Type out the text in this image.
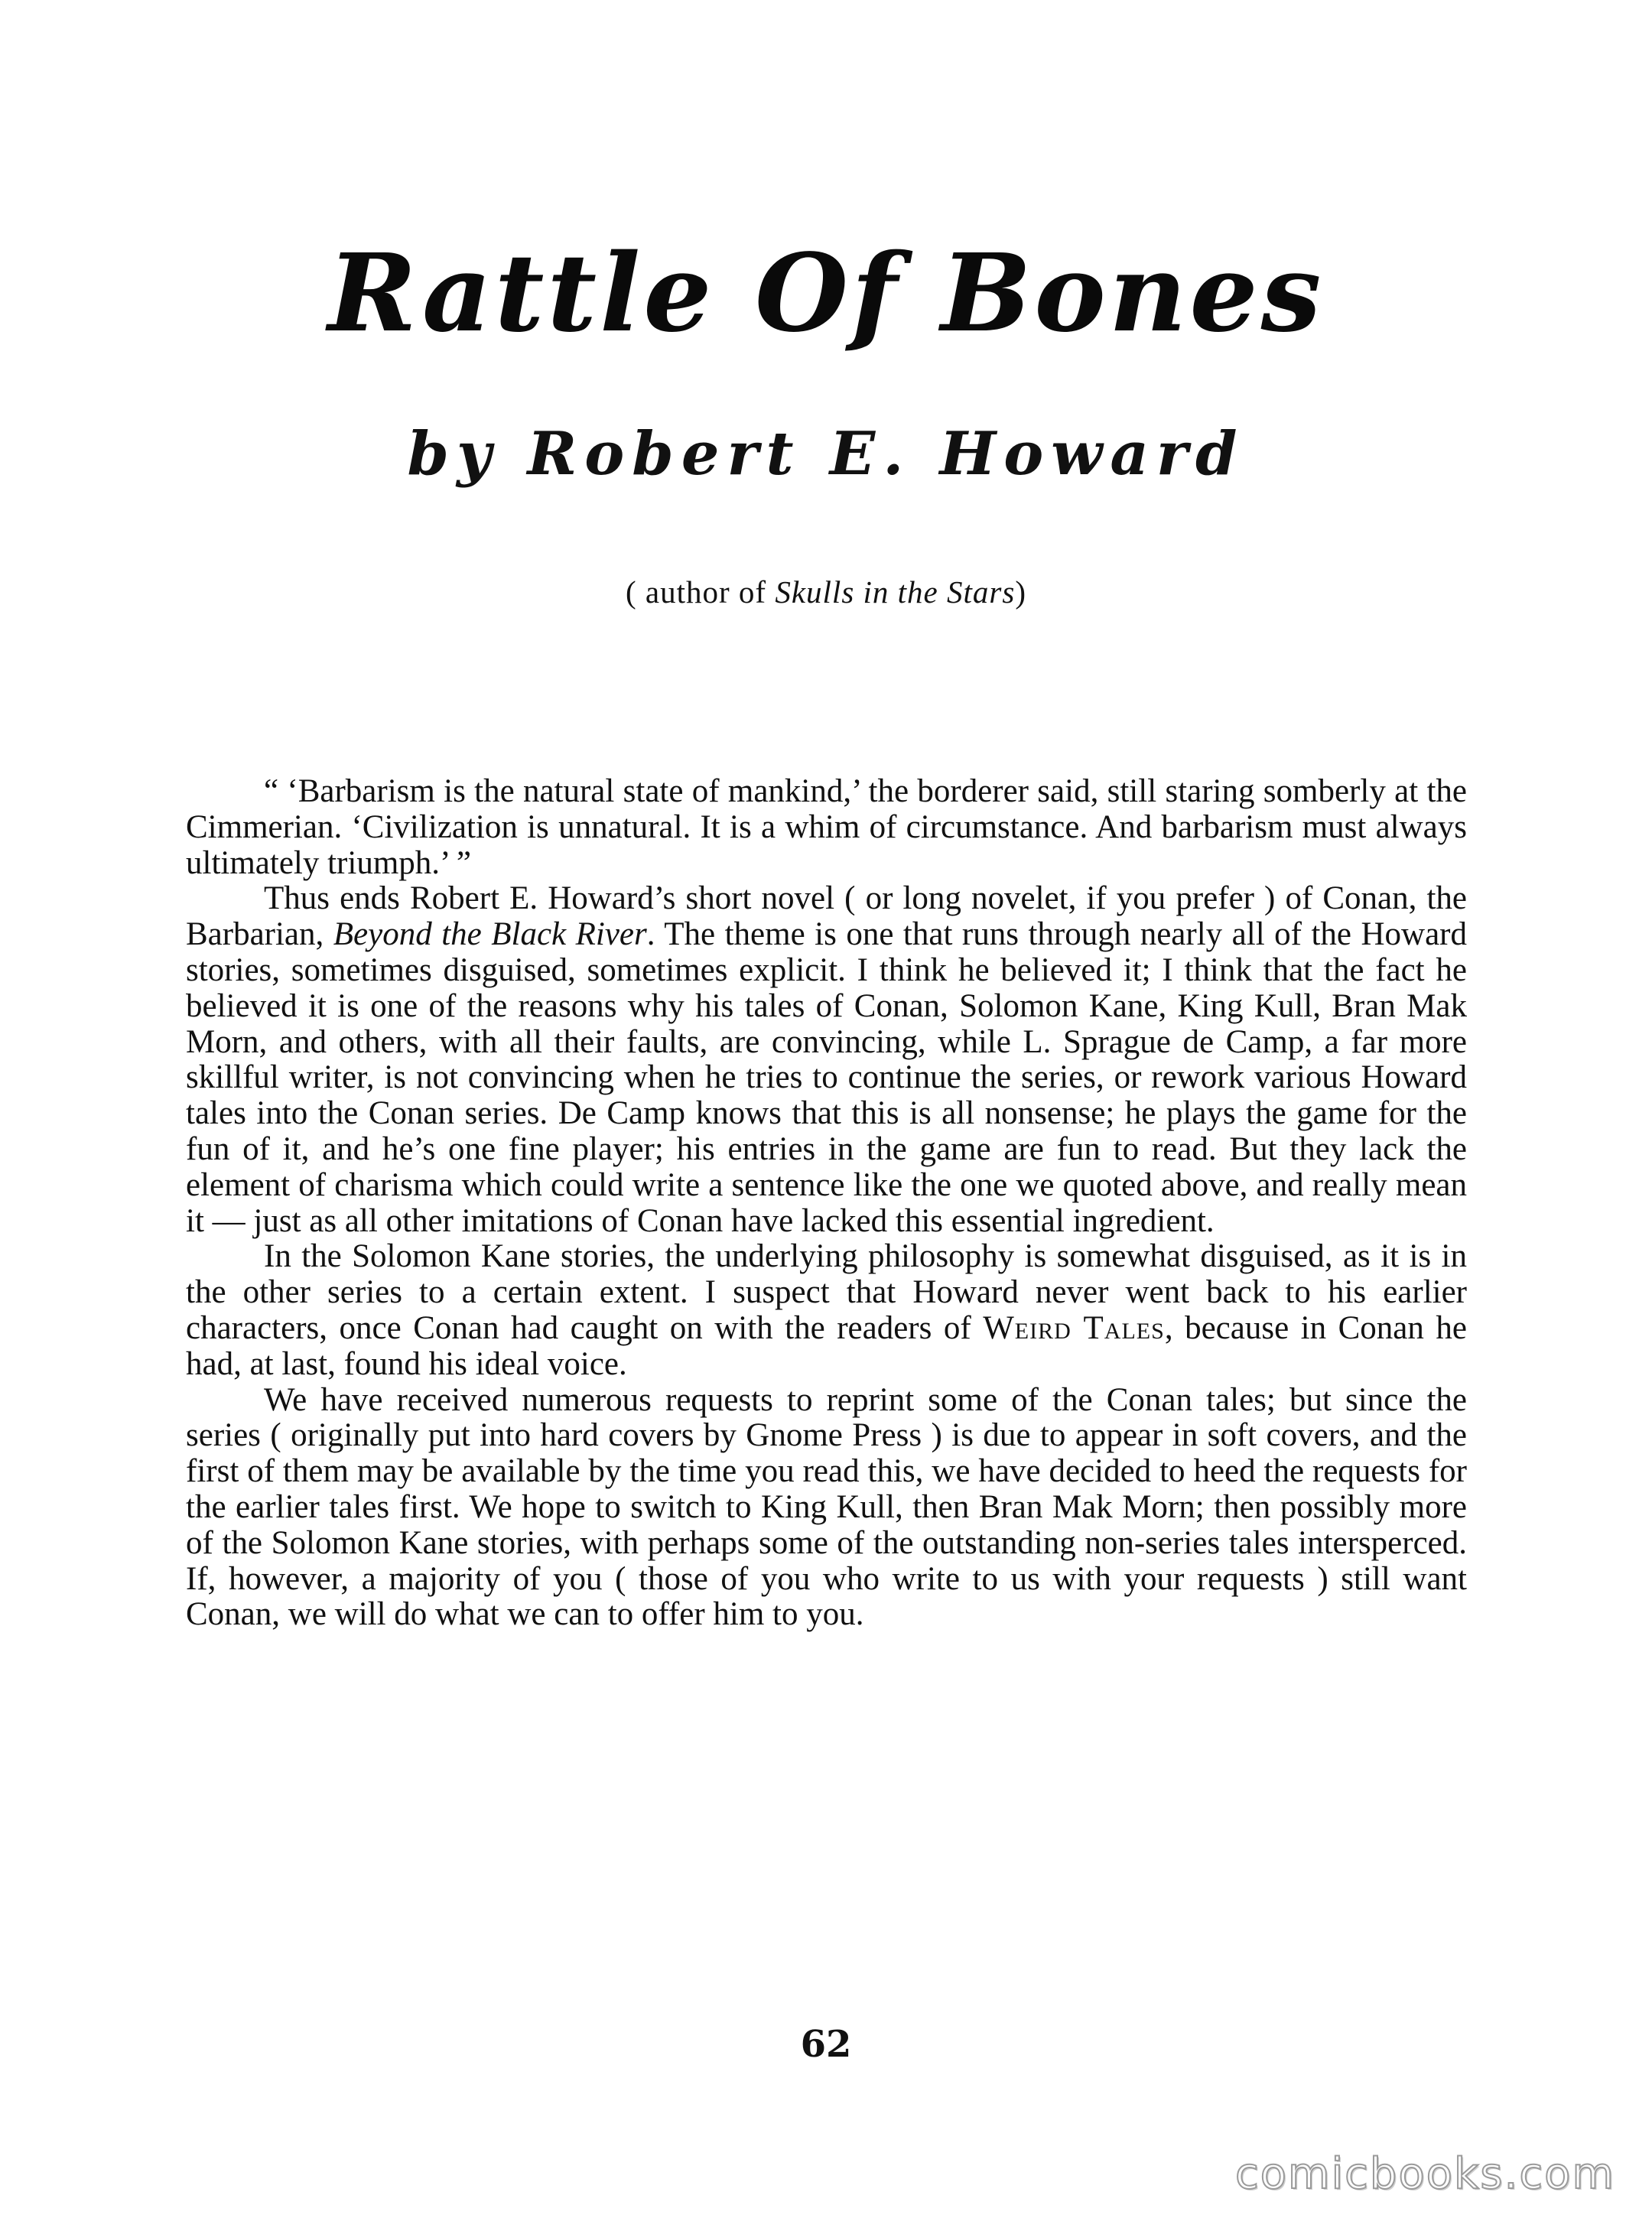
Rattle Of Bones
by Robert E. Howard
( author of Skulls in the Stars)

“ ‘Barbarism is the natural state of mankind,’ the borderer said, still staring somberly at the Cimmerian. ‘Civilization is unnatural. It is a whim of circumstance. And barbarism must always ultimately triumph.’ ”

Thus ends Robert E. Howard’s short novel ( or long novelet, if you prefer ) of Conan, the Barbarian, Beyond the Black River. The theme is one that runs through nearly all of the Howard stories, sometimes disguised, sometimes explicit. I think he believed it; I think that the fact he believed it is one of the reasons why his tales of Conan, Solomon Kane, King Kull, Bran Mak Morn, and others, with all their faults, are convincing, while L. Sprague de Camp, a far more skillful writer, is not convincing when he tries to continue the series, or rework various Howard tales into the Conan series. De Camp knows that this is all nonsense; he plays the game for the fun of it, and he’s one fine player; his entries in the game are fun to read. But they lack the element of charisma which could write a sentence like the one we quoted above, and really mean it — just as all other imitations of Conan have lacked this essential ingredient.

In the Solomon Kane stories, the underlying philosophy is somewhat disguised, as it is in the other series to a certain extent. I suspect that Howard never went back to his earlier characters, once Conan had caught on with the readers of Weird Tales, because in Conan he had, at last, found his ideal voice.

We have received numerous requests to reprint some of the Conan tales; but since the series ( originally put into hard covers by Gnome Press ) is due to appear in soft covers, and the first of them may be available by the time you read this, we have decided to heed the requests for the earlier tales first. We hope to switch to King Kull, then Bran Mak Morn; then possibly more of the Solomon Kane stories, with perhaps some of the outstanding non-series tales intersperced. If, however, a majority of you ( those of you who write to us with your requests ) still want Conan, we will do what we can to offer him to you.

62
comicbooks.com
